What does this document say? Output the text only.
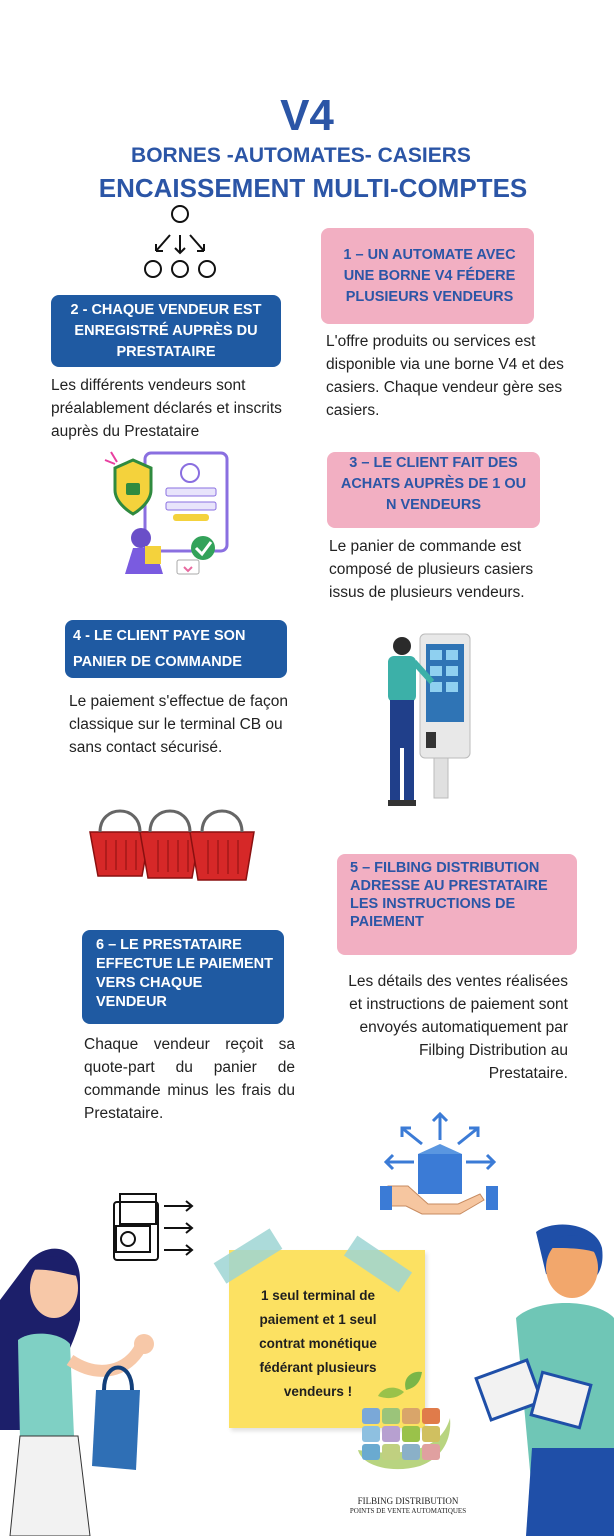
V4
BORNES -AUTOMATES- CASIERS
ENCAISSEMENT MULTI-COMPTES
1 – UN AUTOMATE AVEC UNE BORNE V4 FÉDERE PLUSIEURS VENDEURS
L'offre produits ou services est disponible via une borne V4 et des casiers. Chaque vendeur gère ses casiers.
2 - CHAQUE VENDEUR EST ENREGISTRÉ AUPRÈS DU PRESTATAIRE
Les différents vendeurs sont préalablement déclarés et inscrits auprès du Prestataire
3 – LE CLIENT FAIT DES ACHATS AUPRÈS DE 1 OU N VENDEURS
Le panier de commande est composé de plusieurs casiers issus de plusieurs vendeurs.
4 - LE CLIENT PAYE SON PANIER DE COMMANDE
Le paiement s'effectue de façon classique sur le terminal CB ou sans contact sécurisé.
5 – FILBING DISTRIBUTION ADRESSE AU PRESTATAIRE LES INSTRUCTIONS DE PAIEMENT
Les détails des ventes réalisées et instructions de paiement sont envoyés automatiquement par Filbing Distribution au Prestataire.
6 – LE PRESTATAIRE EFFECTUE LE PAIEMENT VERS CHAQUE VENDEUR
Chaque vendeur reçoit sa quote-part du panier de commande minus les frais du Prestataire.
1 seul terminal de paiement et 1 seul contrat monétique fédérant plusieurs vendeurs !
FILBING DISTRIBUTION
POINTS DE VENTE AUTOMATIQUES
